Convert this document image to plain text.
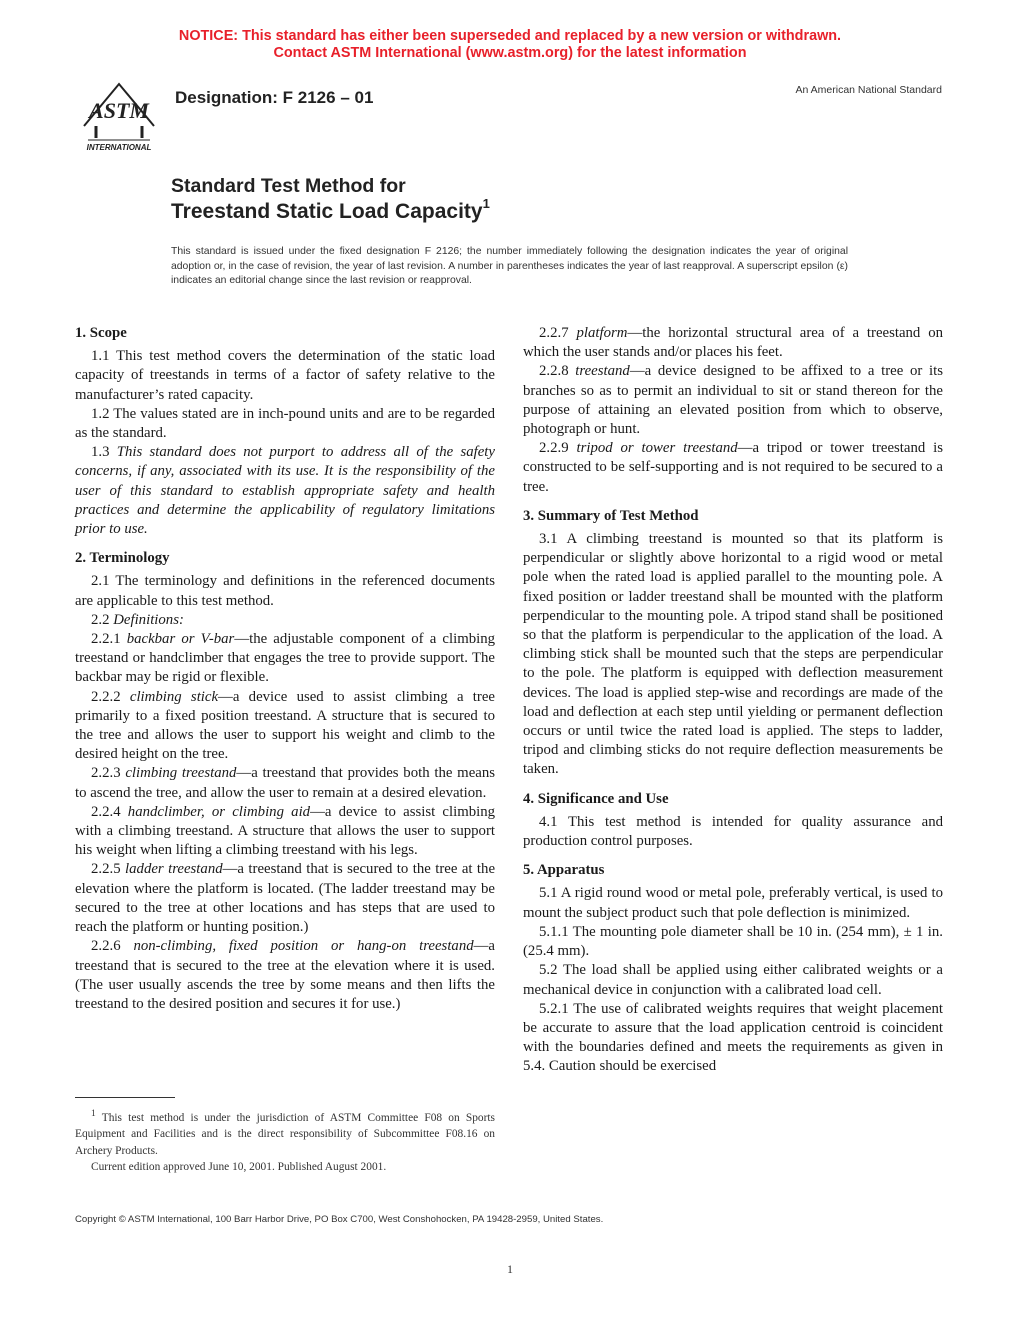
NOTICE: This standard has either been superseded and replaced by a new version or withdrawn.
Contact ASTM International (www.astm.org) for the latest information
ASTM
INTERNATIONAL
Designation: F 2126 – 01	An American National Standard
Standard Test Method for
Treestand Static Load Capacity$^1$
This standard is issued under the fixed designation F 2126; the number immediately following the designation indicates the year of original adoption or, in the case of revision, the year of last revision. A number in parentheses indicates the year of last reapproval. A superscript epsilon (ε) indicates an editorial change since the last revision or reapproval.
1. Scope

1.1 This test method covers the determination of the static load capacity of treestands in terms of a factor of safety relative to the manufacturer’s rated capacity.

1.2 The values stated are in inch-pound units and are to be regarded as the standard.

1.3 This standard does not purport to address all of the safety concerns, if any, associated with its use. It is the responsibility of the user of this standard to establish appropriate safety and health practices and determine the applicability of regulatory limitations prior to use.

2. Terminology

2.1 The terminology and definitions in the referenced documents are applicable to this test method.

2.2 Definitions:

2.2.1 backbar or V-bar—the adjustable component of a climbing treestand or handclimber that engages the tree to provide support. The backbar may be rigid or flexible.

2.2.2 climbing stick—a device used to assist climbing a tree primarily to a fixed position treestand. A structure that is secured to the tree and allows the user to support his weight and climb to the desired height on the tree.

2.2.3 climbing treestand—a treestand that provides both the means to ascend the tree, and allow the user to remain at a desired elevation.

2.2.4 handclimber, or climbing aid—a device to assist climbing with a climbing treestand. A structure that allows the user to support his weight when lifting a climbing treestand with his legs.

2.2.5 ladder treestand—a treestand that is secured to the tree at the elevation where the platform is located. (The ladder treestand may be secured to the tree at other locations and has steps that are used to reach the platform or hunting position.)

2.2.6 non-climbing, fixed position or hang-on treestand—a treestand that is secured to the tree at the elevation where it is used. (The user usually ascends the tree by some means and then lifts the treestand to the desired position and secures it for use.)

$^1$ This test method is under the jurisdiction of ASTM Committee F08 on Sports Equipment and Facilities and is the direct responsibility of Subcommittee F08.16 on Archery Products.

Current edition approved June 10, 2001. Published August 2001.

2.2.7 platform—the horizontal structural area of a treestand on which the user stands and/or places his feet.

2.2.8 treestand—a device designed to be affixed to a tree or its branches so as to permit an individual to sit or stand thereon for the purpose of attaining an elevated position from which to observe, photograph or hunt.

2.2.9 tripod or tower treestand—a tripod or tower treestand is constructed to be self-supporting and is not required to be secured to a tree.

3. Summary of Test Method

3.1 A climbing treestand is mounted so that its platform is perpendicular or slightly above horizontal to a rigid wood or metal pole when the rated load is applied parallel to the mounting pole. A fixed position or ladder treestand shall be mounted with the platform perpendicular to the mounting pole. A tripod stand shall be positioned so that the platform is perpendicular to the application of the load. A climbing stick shall be mounted such that the steps are perpendicular to the pole. The platform is equipped with deflection measurement devices. The load is applied step-wise and recordings are made of the load and deflection at each step until yielding or permanent deflection occurs or until twice the rated load is applied. The steps to ladder, tripod and climbing sticks do not require deflection measurements be taken.

4. Significance and Use

4.1 This test method is intended for quality assurance and production control purposes.

5. Apparatus

5.1 A rigid round wood or metal pole, preferably vertical, is used to mount the subject product such that pole deflection is minimized.

5.1.1 The mounting pole diameter shall be 10 in. (254 mm), ± 1 in. (25.4 mm).

5.2 The load shall be applied using either calibrated weights or a mechanical device in conjunction with a calibrated load cell.

5.2.1 The use of calibrated weights requires that weight placement be accurate to assure that the load application centroid is coincident with the boundaries defined and meets the requirements as given in 5.4. Caution should be exercised

Copyright © ASTM International, 100 Barr Harbor Drive, PO Box C700, West Conshohocken, PA 19428-2959, United States.
1
